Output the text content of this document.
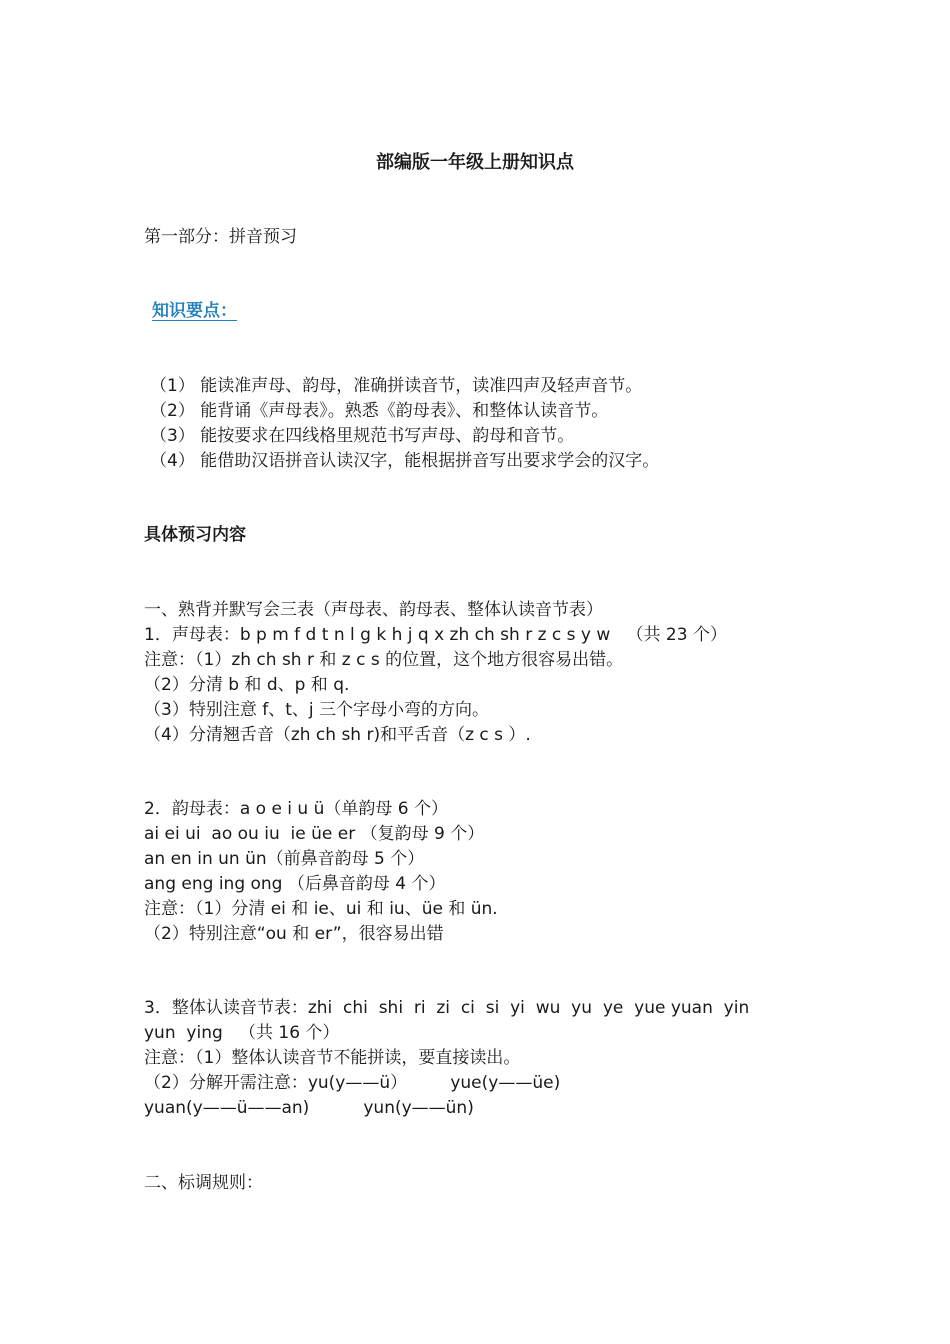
部编版一年级上册知识点
第一部分：拼音预习
知识要点：
（1） 能读准声母、韵母，准确拼读音节，读准四声及轻声音节。
（2） 能背诵《声母表》。熟悉《韵母表》、和整体认读音节。
（3） 能按要求在四线格里规范书写声母、韵母和音节。
（4） 能借助汉语拼音认读汉字，能根据拼音写出要求学会的汉字。
具体预习内容
一、熟背并默写会三表（声母表、韵母表、整体认读音节表）
1．声母表：b p m f d t n l g k h j q x zh ch sh r z c s y w   （共 23 个）
注意：（1）zh ch sh r 和 z c s 的位置，这个地方很容易出错。
（2）分清 b 和 d、p 和 q.
（3）特别注意 f、t、j 三个字母小弯的方向。
（4）分清翘舌音（zh ch sh r)和平舌音（z c s ）.
2．韵母表：a o e i u ü（单韵母 6 个）
ai ei ui  ao ou iu  ie üe er （复韵母 9 个）
an en in un ün（前鼻音韵母 5 个）
ang eng ing ong （后鼻音韵母 4 个）
注意：（1）分清 ei 和 ie、ui 和 iu、üe 和 ün.
（2）特别注意“ou 和 er”，很容易出错
3．整体认读音节表：zhi  chi  shi  ri  zi  ci  si  yi  wu  yu  ye  yue yuan  yin
yun  ying   （共 16 个）
注意：（1）整体认读音节不能拼读，要直接读出。
（2）分解开需注意：yu(y——ü）        yue(y——üe)
yuan(y——ü——an)          yun(y——ün)
二、标调规则：
